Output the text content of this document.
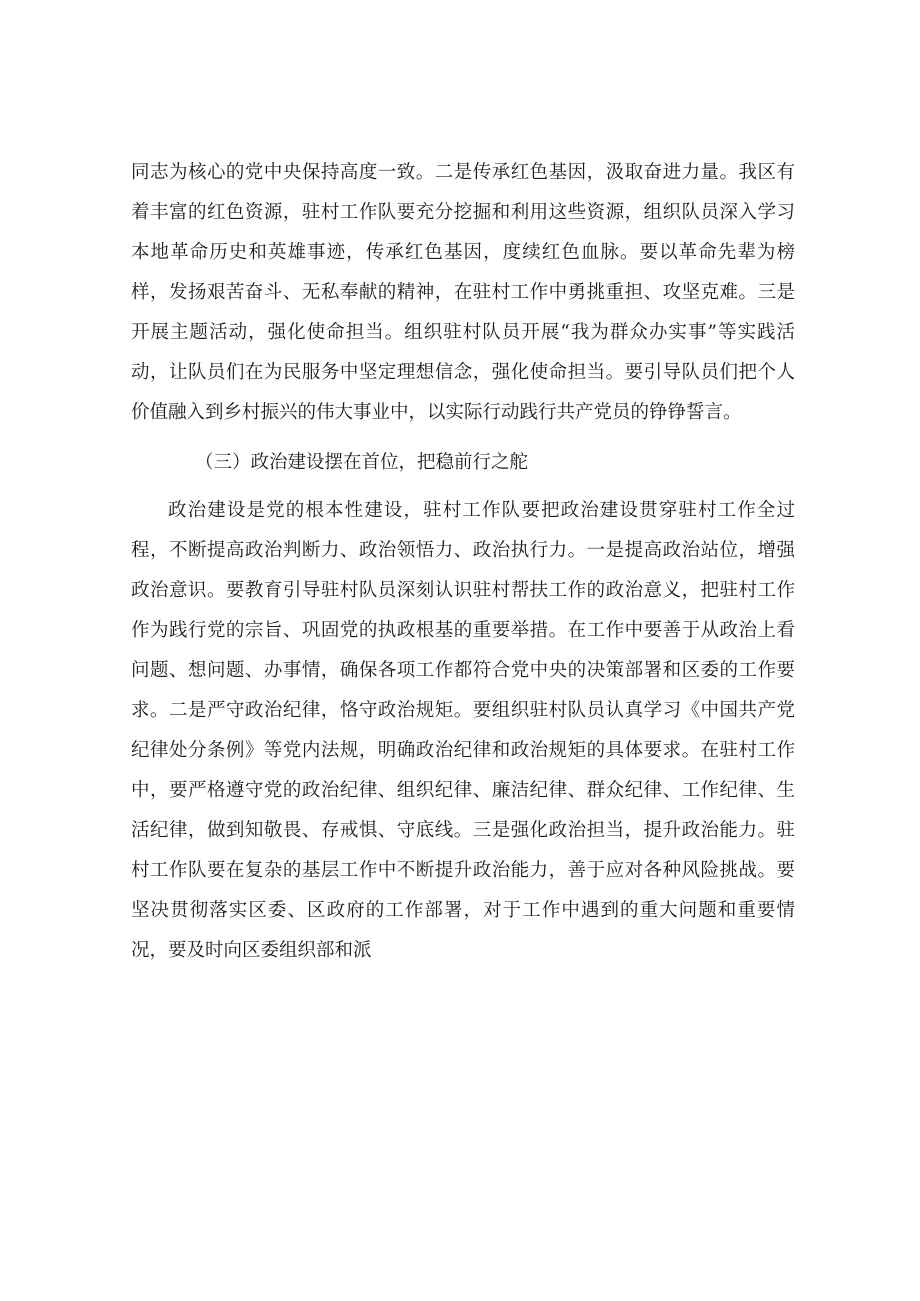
同志为核心的党中央保持高度一致。二是传承红色基因，汲取奋进力量。我区有着丰富的红色资源，驻村工作队要充分挖掘和利用这些资源，组织队员深入学习本地革命历史和英雄事迹，传承红色基因，度续红色血脉。要以革命先辈为榜样，发扬艰苦奋斗、无私奉献的精神，在驻村工作中勇挑重担、攻坚克难。三是开展主题活动，强化使命担当。组织驻村队员开展“我为群众办实事”等实践活动，让队员们在为民服务中坚定理想信念，强化使命担当。要引导队员们把个人价值融入到乡村振兴的伟大事业中，以实际行动践行共产党员的铮铮誓言。

（三）政治建设摆在首位，把稳前行之舵

政治建设是党的根本性建设，驻村工作队要把政治建设贯穿驻村工作全过程，不断提高政治判断力、政治领悟力、政治执行力。一是提高政治站位，增强政治意识。要教育引导驻村队员深刻认识驻村帮扶工作的政治意义，把驻村工作作为践行党的宗旨、巩固党的执政根基的重要举措。在工作中要善于从政治上看问题、想问题、办事情，确保各项工作都符合党中央的决策部署和区委的工作要求。二是严守政治纪律，恪守政治规矩。要组织驻村队员认真学习《中国共产党纪律处分条例》等党内法规，明确政治纪律和政治规矩的具体要求。在驻村工作中，要严格遵守党的政治纪律、组织纪律、廉洁纪律、群众纪律、工作纪律、生活纪律，做到知敬畏、存戒惧、守底线。三是强化政治担当，提升政治能力。驻村工作队要在复杂的基层工作中不断提升政治能力，善于应对各种风险挑战。要坚决贯彻落实区委、区政府的工作部署，对于工作中遇到的重大问题和重要情况，要及时向区委组织部和派
